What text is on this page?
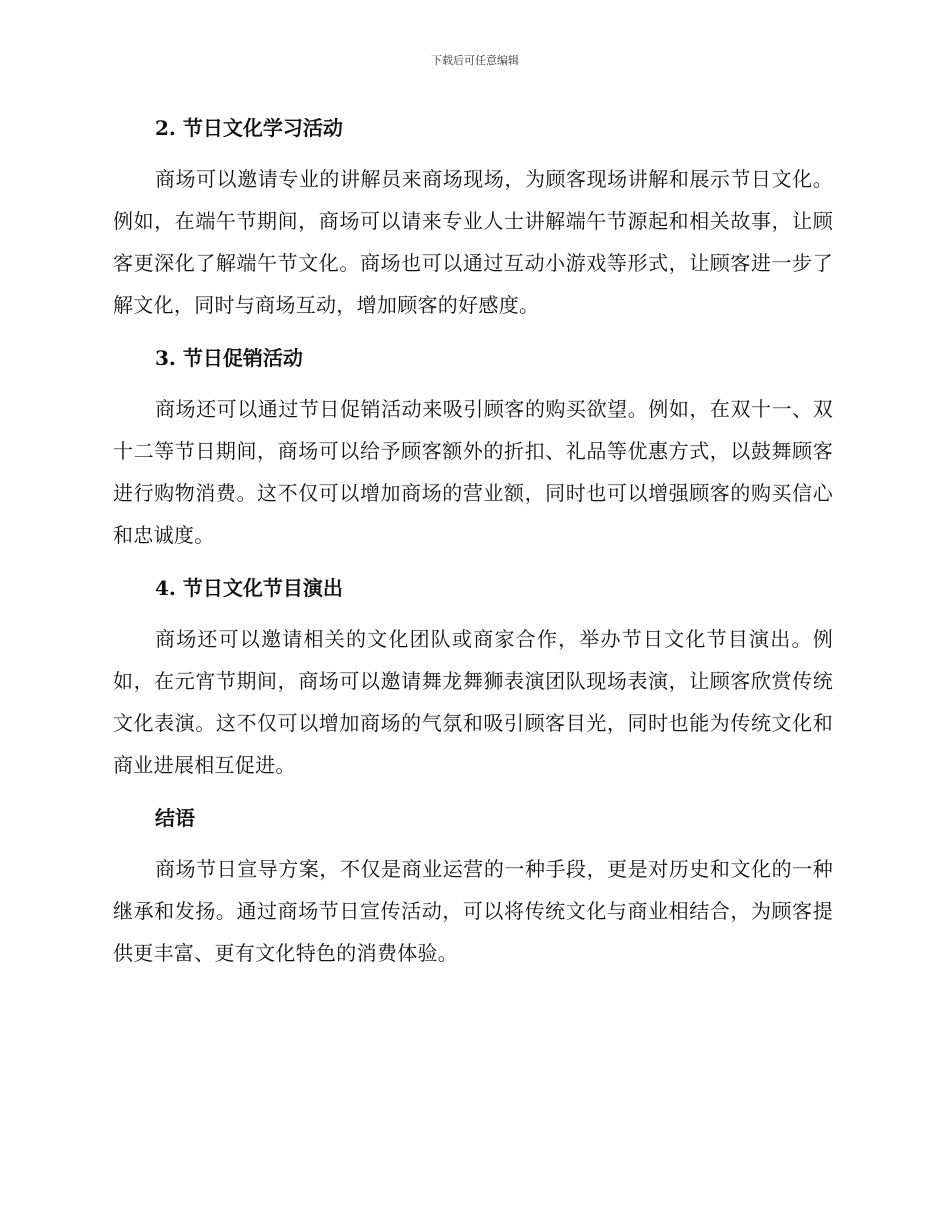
下载后可任意编辑
2. 节日文化学习活动

商场可以邀请专业的讲解员来商场现场，为顾客现场讲解和展示节日文化。例如，在端午节期间，商场可以请来专业人士讲解端午节源起和相关故事，让顾客更深化了解端午节文化。商场也可以通过互动小游戏等形式，让顾客进一步了解文化，同时与商场互动，增加顾客的好感度。

3. 节日促销活动

商场还可以通过节日促销活动来吸引顾客的购买欲望。例如，在双十一、双十二等节日期间，商场可以给予顾客额外的折扣、礼品等优惠方式，以鼓舞顾客进行购物消费。这不仅可以增加商场的营业额，同时也可以增强顾客的购买信心和忠诚度。

4. 节日文化节目演出

商场还可以邀请相关的文化团队或商家合作，举办节日文化节目演出。例如，在元宵节期间，商场可以邀请舞龙舞狮表演团队现场表演，让顾客欣赏传统文化表演。这不仅可以增加商场的气氛和吸引顾客目光，同时也能为传统文化和商业进展相互促进。

结语

商场节日宣导方案，不仅是商业运营的一种手段，更是对历史和文化的一种继承和发扬。通过商场节日宣传活动，可以将传统文化与商业相结合，为顾客提供更丰富、更有文化特色的消费体验。
